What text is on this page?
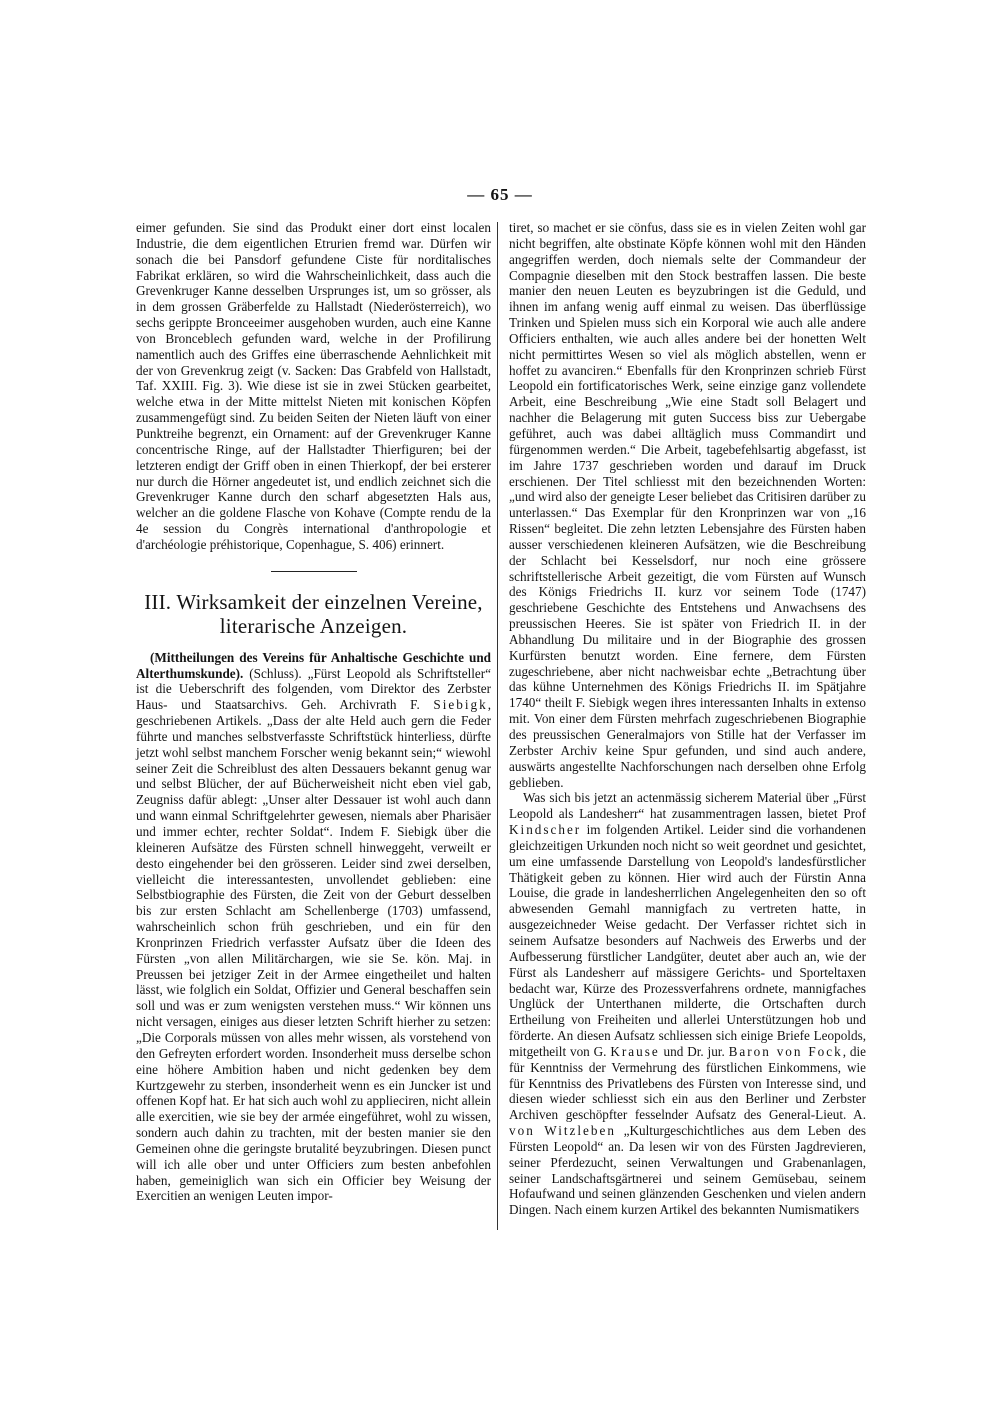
— 65 —

eimer gefunden. Sie sind das Produkt einer dort einst localen Industrie, die dem eigentlichen Etrurien fremd war. Dürfen wir sonach die bei Pansdorf gefundene Ciste für norditalisches Fabrikat erklären, so wird die Wahrscheinlichkeit, dass auch die Grevenkruger Kanne desselben Ursprunges ist, um so grösser, als in dem grossen Gräberfelde zu Hallstadt (Niederösterreich), wo sechs gerippte Bronceeimer ausgehoben wurden, auch eine Kanne von Bronceblech gefunden ward, welche in der Profilirung namentlich auch des Griffes eine überraschende Aehnlichkeit mit der von Grevenkrug zeigt (v. Sacken: Das Grabfeld von Hallstadt, Taf. XXIII. Fig. 3). Wie diese ist sie in zwei Stücken gearbeitet, welche etwa in der Mitte mittelst Nieten mit konischen Köpfen zusammengefügt sind. Zu beiden Seiten der Nieten läuft von einer Punktreihe begrenzt, ein Ornament: auf der Grevenkruger Kanne concentrische Ringe, auf der Hallstadter Thierfiguren; bei der letzteren endigt der Griff oben in einen Thierkopf, der bei ersterer nur durch die Hörner angedeutet ist, und endlich zeichnet sich die Grevenkruger Kanne durch den scharf abgesetzten Hals aus, welcher an die goldene Flasche von Kohave (Compte rendu de la 4e session du Congrès international d'anthropologie et d'archéologie préhistorique, Copenhague, S. 406) erinnert.

III. Wirksamkeit der einzelnen Vereine,
literarische Anzeigen.

(Mittheilungen des Vereins für Anhaltische Geschichte und Alterthumskunde). (Schluss). „Fürst Leopold als Schriftsteller“ ist die Ueberschrift des folgenden, vom Direktor des Zerbster Haus- und Staatsarchivs. Geh. Archivrath F. Siebigk, geschriebenen Artikels. „Dass der alte Held auch gern die Feder führte und manches selbstverfasste Schriftstück hinterliess, dürfte jetzt wohl selbst manchem Forscher wenig bekannt sein;“ wiewohl seiner Zeit die Schreiblust des alten Dessauers bekannt genug war und selbst Blücher, der auf Bücherweisheit nicht eben viel gab, Zeugniss dafür ablegt: „Unser alter Dessauer ist wohl auch dann und wann einmal Schriftgelehrter gewesen, niemals aber Pharisäer und immer echter, rechter Soldat“. Indem F. Siebigk über die kleineren Aufsätze des Fürsten schnell hinweggeht, verweilt er desto eingehender bei den grösseren. Leider sind zwei derselben, vielleicht die interessantesten, unvollendet geblieben: eine Selbstbiographie des Fürsten, die Zeit von der Geburt desselben bis zur ersten Schlacht am Schellenberge (1703) umfassend, wahrscheinlich schon früh geschrieben, und ein für den Kronprinzen Friedrich verfasster Aufsatz über die Ideen des Fürsten „von allen Militärchargen, wie sie Se. kön. Maj. in Preussen bei jetziger Zeit in der Armee eingetheilet und halten lässt, wie folglich ein Soldat, Offizier und General beschaffen sein soll und was er zum wenigsten verstehen muss.“ Wir können uns nicht versagen, einiges aus dieser letzten Schrift hierher zu setzen: „Die Corporals müssen von alles mehr wissen, als vorstehend von den Gefreyten erfordert worden. Insonderheit muss derselbe schon eine höhere Ambition haben und nicht gedenken bey dem Kurtzgewehr zu sterben, insonderheit wenn es ein Juncker ist und offenen Kopf hat. Er hat sich auch wohl zu applieciren, nicht allein alle exercitien, wie sie bey der armée eingeführet, wohl zu wissen, sondern auch dahin zu trachten, mit der besten manier sie den Gemeinen ohne die geringste brutalité beyzubringen. Diesen punct will ich alle ober und unter Officiers zum besten anbefohlen haben, gemeiniglich wan sich ein Officier bey Weisung der Exercitien an wenigen Leuten impor-

tiret, so machet er sie cönfus, dass sie es in vielen Zeiten wohl gar nicht begriffen, alte obstinate Köpfe können wohl mit den Händen angegriffen werden, doch niemals selte der Commandeur der Compagnie dieselben mit den Stock bestraffen lassen. Die beste manier den neuen Leuten es beyzubringen ist die Geduld, und ihnen im anfang wenig auff einmal zu weisen. Das überflüssige Trinken und Spielen muss sich ein Korporal wie auch alle andere Officiers enthalten, wie auch alles andere bei der honetten Welt nicht permittirtes Wesen so viel als möglich abstellen, wenn er hoffet zu avanciren.“ Ebenfalls für den Kronprinzen schrieb Fürst Leopold ein fortificatorisches Werk, seine einzige ganz vollendete Arbeit, eine Beschreibung „Wie eine Stadt soll Belagert und nachher die Belagerung mit guten Success biss zur Uebergabe geführet, auch was dabei alltäglich muss Commandirt und fürgenommen werden.“ Die Arbeit, tagebefehlsartig abgefasst, ist im Jahre 1737 geschrieben worden und darauf im Druck erschienen. Der Titel schliesst mit den bezeichnenden Worten: „und wird also der geneigte Leser beliebet das Critisiren darüber zu unterlassen.“ Das Exemplar für den Kronprinzen war von „16 Rissen“ begleitet. Die zehn letzten Lebensjahre des Fürsten haben ausser verschiedenen kleineren Aufsätzen, wie die Beschreibung der Schlacht bei Kesselsdorf, nur noch eine grössere schriftstellerische Arbeit gezeitigt, die vom Fürsten auf Wunsch des Königs Friedrichs II. kurz vor seinem Tode (1747) geschriebene Geschichte des Entstehens und Anwachsens des preussischen Heeres. Sie ist später von Friedrich II. in der Abhandlung Du militaire und in der Biographie des grossen Kurfürsten benutzt worden. Eine fernere, dem Fürsten zugeschriebene, aber nicht nachweisbar echte „Betrachtung über das kühne Unternehmen des Königs Friedrichs II. im Spätjahre 1740“ theilt F. Siebigk wegen ihres interessanten Inhalts in extenso mit. Von einer dem Fürsten mehrfach zugeschriebenen Biographie des preussischen Generalmajors von Stille hat der Verfasser im Zerbster Archiv keine Spur gefunden, und sind auch andere, auswärts angestellte Nachforschungen nach derselben ohne Erfolg geblieben.

Was sich bis jetzt an actenmässig sicherem Material über „Fürst Leopold als Landesherr“ hat zusammentragen lassen, bietet Prof Kindscher im folgenden Artikel. Leider sind die vorhandenen gleichzeitigen Urkunden noch nicht so weit geordnet und gesichtet, um eine umfassende Darstellung von Leopold's landesfürstlicher Thätigkeit geben zu können. Hier wird auch der Fürstin Anna Louise, die grade in landesherrlichen Angelegenheiten den so oft abwesenden Gemahl mannigfach zu vertreten hatte, in ausgezeichneder Weise gedacht. Der Verfasser richtet sich in seinem Aufsatze besonders auf Nachweis des Erwerbs und der Aufbesserung fürstlicher Landgüter, deutet aber auch an, wie der Fürst als Landesherr auf mässigere Gerichts- und Sporteltaxen bedacht war, Kürze des Prozessverfahrens ordnete, mannigfaches Unglück der Unterthanen milderte, die Ortschaften durch Ertheilung von Freiheiten und allerlei Unterstützungen hob und förderte. An diesen Aufsatz schliessen sich einige Briefe Leopolds, mitgetheilt von G. Krause und Dr. jur. Baron von Fock, die für Kenntniss der Vermehrung des fürstlichen Einkommens, wie für Kenntniss des Privatlebens des Fürsten von Interesse sind, und diesen wieder schliesst sich ein aus den Berliner und Zerbster Archiven geschöpfter fesselnder Aufsatz des General-Lieut. A. von Witzleben „Kulturgeschichtliches aus dem Leben des Fürsten Leopold“ an. Da lesen wir von des Fürsten Jagdrevieren, seiner Pferdezucht, seinen Verwaltungen und Grabenanlagen, seiner Landschaftsgärtnerei und seinem Gemüsebau, seinem Hofaufwand und seinen glänzenden Geschenken und vielen andern Dingen. Nach einem kurzen Artikel des bekannten Numismatikers
